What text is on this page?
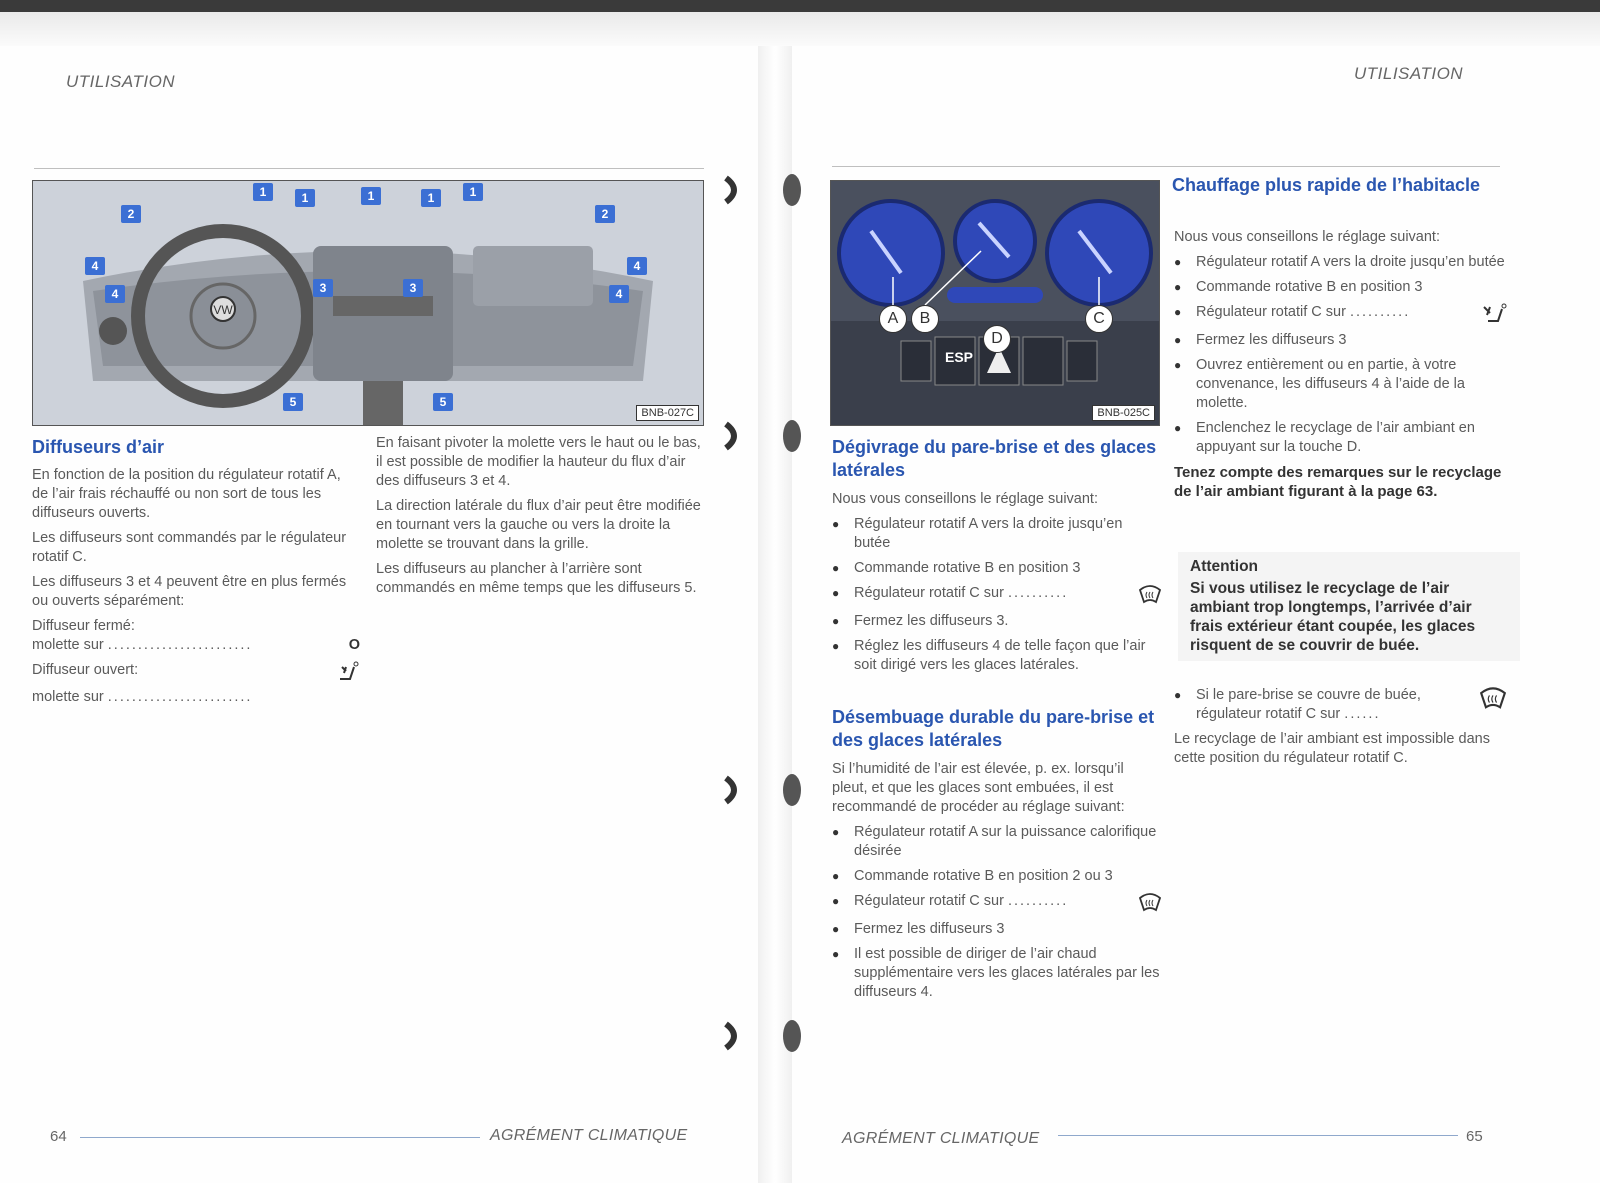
UTILISATION
VW
1	1	1	1
1
2	2
3	3
4
4
4
4
5	5
BNB-027C
Diffuseurs d’air

En fonction de la position du régulateur rotatif A, de l’air frais réchauffé ou non sort de tous les diffuseurs ouverts.

Les diffuseurs sont commandés par le régulateur rotatif C.

Les diffuseurs 3 et 4 peuvent être en plus fermés ou ouverts séparément:

Diffuseur fermé:
molette sur ........................	O
Diffuseur ouvert:
molette sur ........................

En faisant pivoter la molette vers le haut ou le bas, il est possible de modifier la hauteur du flux d’air des diffuseurs 3 et 4.

La direction latérale du flux d’air peut être modifiée en tournant vers la gauche ou vers la droite la molette se trouvant dans la grille.

Les diffuseurs au plancher à l’arrière sont commandés en même temps que les diffuseurs 5.

64	AGRÉMENT CLIMATIQUE
UTILISATION
ESP
A	B	C
D
BNB-025C
Dégivrage du pare-brise et des glaces latérales

Nous vous conseillons le réglage suivant:

● Régulateur rotatif A vers la droite jusqu’en butée
● Commande rotative B en position 3
● Régulateur rotatif C sur ..........
● Fermez les diffuseurs 3.
● Réglez les diffuseurs 4 de telle façon que l’air soit dirigé vers les glaces latérales.
Désembuage durable du pare-brise et des glaces latérales

Si l’humidité de l’air est élevée, p. ex. lorsqu’il pleut, et que les glaces sont embuées, il est recommandé de procéder au réglage suivant:

● Régulateur rotatif A sur la puissance calorifique désirée
● Commande rotative B en position 2 ou 3
● Régulateur rotatif C sur ..........
● Fermez les diffuseurs 3
● Il est possible de diriger de l’air chaud supplémentaire vers les glaces latérales par les diffuseurs 4.
Chauffage plus rapide de l’habitacle

Nous vous conseillons le réglage suivant:

● Régulateur rotatif A vers la droite jusqu’en butée
● Commande rotative B en position 3
● Régulateur rotatif C sur ..........
● Fermez les diffuseurs 3
● Ouvrez entièrement ou en partie, à votre convenance, les diffuseurs 4 à l’aide de la molette.
● Enclenchez le recyclage de l’air ambiant en appuyant sur la touche D.

Tenez compte des remarques sur le recyclage de l’air ambiant figurant à la page 63.

Attention
Si vous utilisez le recyclage de l’air ambiant trop longtemps, l’arrivée d’air frais extérieur étant coupée, les glaces risquent de se couvrir de buée.
● Si le pare-brise se couvre de buée, régulateur rotatif C sur ......

Le recyclage de l’air ambiant est impossible dans cette position du régulateur rotatif C.

AGRÉMENT CLIMATIQUE	65
